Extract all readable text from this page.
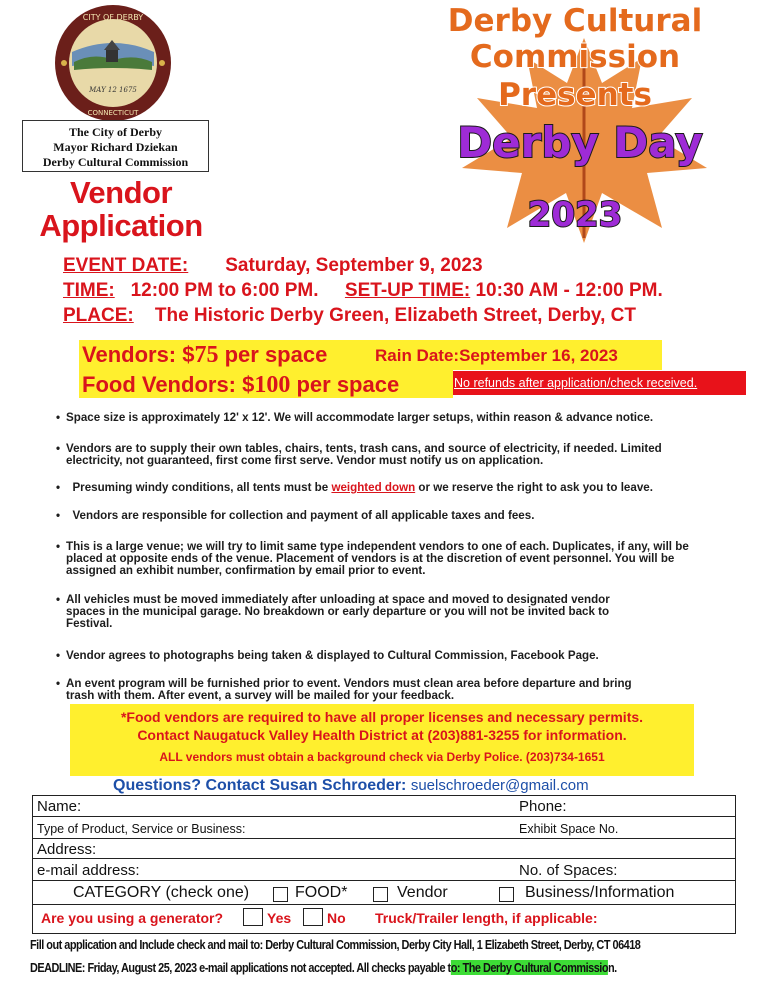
CITY OF DERBY
MAY 12 1675
CONNECTICUT
The City of Derby
Mayor Richard Dziekan
Derby Cultural Commission
Vendor
Application
Derby Cultural
Commission
Presents
Derby Day
2023
EVENT DATE: Saturday, September 9, 2023
TIME: 12:00 PM to 6:00 PM. SET-UP TIME: 10:30 AM - 12:00 PM.
PLACE: The Historic Derby Green, Elizabeth Street, Derby, CT
Vendors: $75 per space	Rain Date:September 16, 2023
Food Vendors: $100 per space	No refunds after application/check received.
• Space size is approximately 12' x 12'. We will accommodate larger setups, within reason & advance notice.
• Vendors are to supply their own tables, chairs, tents, trash cans, and source of electricity, if needed. Limited electricity, not guaranteed, first come first serve. Vendor must notify us on application.
•	Presuming windy conditions, all tents must be weighted down or we reserve the right to ask you to leave.
•	Vendors are responsible for collection and payment of all applicable taxes and fees.
• This is a large venue; we will try to limit same type independent vendors to one of each. Duplicates, if any, will be placed at opposite ends of the venue. Placement of vendors is at the discretion of event personnel. You will be assigned an exhibit number, confirmation by email prior to event.
• All vehicles must be moved immediately after unloading at space and moved to designated vendor spaces in the municipal garage. No breakdown or early departure or you will not be invited back to Festival.
• Vendor agrees to photographs being taken & displayed to Cultural Commission, Facebook Page.
• An event program will be furnished prior to event. Vendors must clean area before departure and bring trash with them. After event, a survey will be mailed for your feedback.
*Food vendors are required to have all proper licenses and necessary permits.
Contact Naugatuck Valley Health District at (203)881-3255 for information.
ALL vendors must obtain a background check via Derby Police. (203)734-1651
Questions? Contact Susan Schroeder: suelschroeder@gmail.com
Name:	Phone:
Type of Product, Service or Business:	Exhibit Space No.
Address:
e-mail address:	No. of Spaces:
CATEGORY (check one)	FOOD*	Vendor	Business/Information
Are you using a generator?	Yes	No Truck/Trailer length, if applicable:
Fill out application and Include check and mail to: Derby Cultural Commission, Derby City Hall, 1 Elizabeth Street, Derby, CT 06418
DEADLINE: Friday, August 25, 2023 e-mail applications not accepted. All checks payable to: The Derby Cultural Commission.
